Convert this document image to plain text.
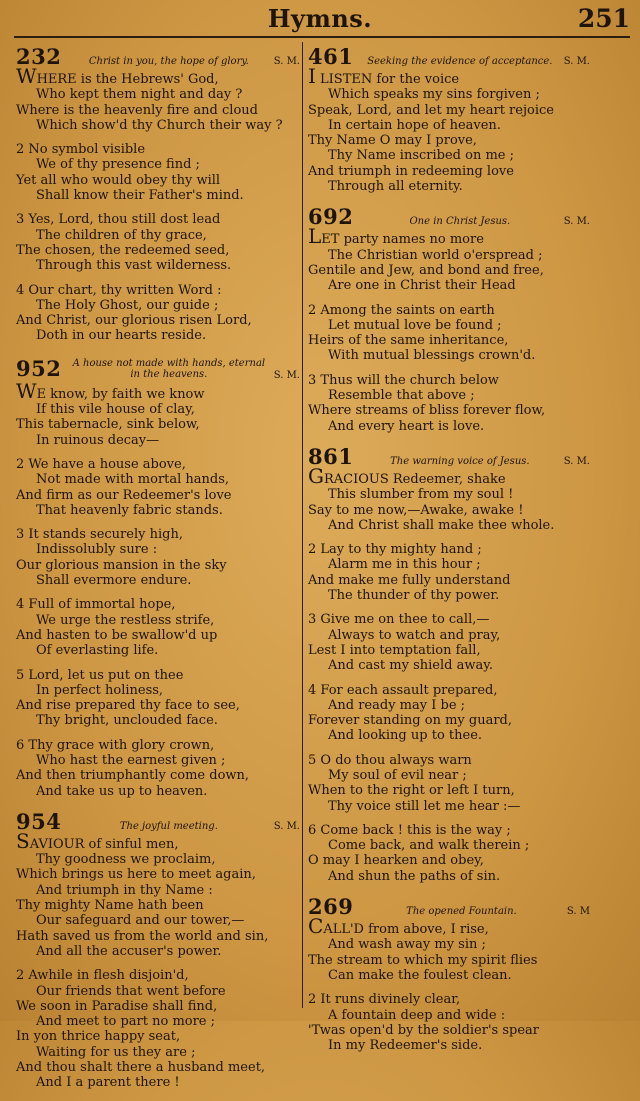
Hymns.	251
232	Christ in you, the hope of glory.	S. M.
WHERE is the Hebrews' God,
Who kept them night and day ?
Where is the heavenly fire and cloud
Which show'd thy Church their way ?
2 No symbol visible
We of thy presence find ;
Yet all who would obey thy will
Shall know their Father's mind.
3 Yes, Lord, thou still dost lead
The children of thy grace,
The chosen, the redeemed seed,
Through this vast wilderness.
4 Our chart, thy written Word :
The Holy Ghost, our guide ;
And Christ, our glorious risen Lord,
Doth in our hearts reside.
952	A house not made with hands, eternal
in the heavens.	S. M.
WE know, by faith we know
If this vile house of clay,
This tabernacle, sink below,
In ruinous decay—
2 We have a house above,
Not made with mortal hands,
And firm as our Redeemer's love
That heavenly fabric stands.
3 It stands securely high,
Indissolubly sure :
Our glorious mansion in the sky
Shall evermore endure.
4 Full of immortal hope,
We urge the restless strife,
And hasten to be swallow'd up
Of everlasting life.
5 Lord, let us put on thee
In perfect holiness,
And rise prepared thy face to see,
Thy bright, unclouded face.
6 Thy grace with glory crown,
Who hast the earnest given ;
And then triumphantly come down,
And take us up to heaven.
954	The joyful meeting.	S. M.
SAVIOUR of sinful men,
Thy goodness we proclaim,
Which brings us here to meet again,
And triumph in thy Name :
Thy mighty Name hath been
Our safeguard and our tower,—
Hath saved us from the world and sin,
And all the accuser's power.
2 Awhile in flesh disjoin'd,
Our friends that went before
We soon in Paradise shall find,
And meet to part no more ;
In yon thrice happy seat,
Waiting for us they are ;
And thou shalt there a husband meet,
And I a parent there !
461	Seeking the evidence of acceptance.	S. M.
I LISTEN for the voice
Which speaks my sins forgiven ;
Speak, Lord, and let my heart rejoice
In certain hope of heaven.
Thy Name O may I prove,
Thy Name inscribed on me ;
And triumph in redeeming love
Through all eternity.
692	One in Christ Jesus.	S. M.
LET party names no more
The Christian world o'erspread ;
Gentile and Jew, and bond and free,
Are one in Christ their Head
2 Among the saints on earth
Let mutual love be found ;
Heirs of the same inheritance,
With mutual blessings crown'd.
3 Thus will the church below
Resemble that above ;
Where streams of bliss forever flow,
And every heart is love.
861	The warning voice of Jesus.	S. M.
GRACIOUS Redeemer, shake
This slumber from my soul !
Say to me now,—Awake, awake !
And Christ shall make thee whole.
2 Lay to thy mighty hand ;
Alarm me in this hour ;
And make me fully understand
The thunder of thy power.
3 Give me on thee to call,—
Always to watch and pray,
Lest I into temptation fall,
And cast my shield away.
4 For each assault prepared,
And ready may I be ;
Forever standing on my guard,
And looking up to thee.
5 O do thou always warn
My soul of evil near ;
When to the right or left I turn,
Thy voice still let me hear :—
6 Come back ! this is the way ;
Come back, and walk therein ;
O may I hearken and obey,
And shun the paths of sin.
269	The opened Fountain.	S. M
CALL'D from above, I rise,
And wash away my sin ;
The stream to which my spirit flies
Can make the foulest clean.
2 It runs divinely clear,
A fountain deep and wide :
'Twas open'd by the soldier's spear
In my Redeemer's side.
